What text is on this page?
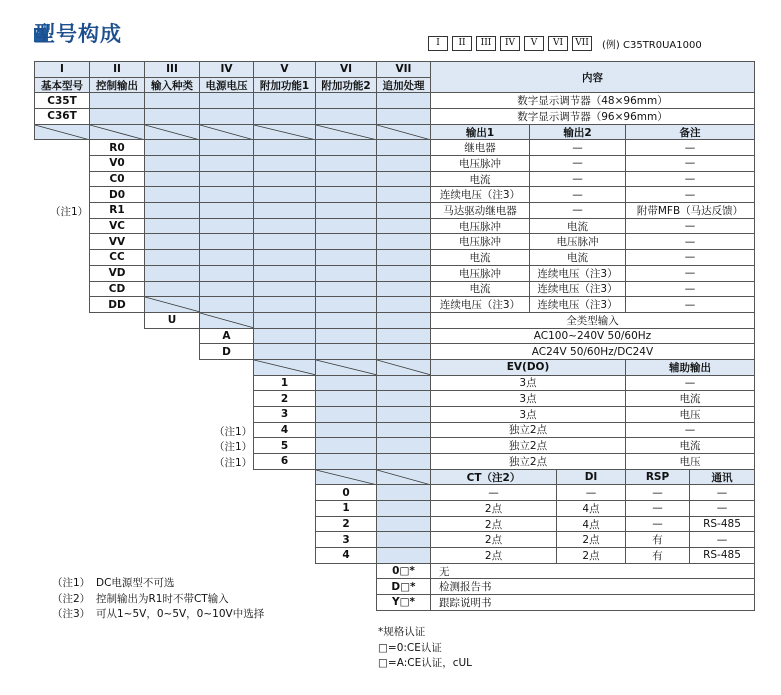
型号构成	I	II	III	IV	V	VI	VII	(例) C35TR0UA1000
I	II	III	IV	V	VI	VII
基本型号	控制输出	输入种类	电源电压	附加功能1	附加功能2	追加处理
内容
C35T	数字显示调节器（48×96mm）
C36T	数字显示调节器（96×96mm）
输出1	输出2	备注
R0	继电器	—	—
V0	电压脉冲	—	—
C0	电流	—	—
D0	连续电压（注3）	—	—
R1	马达驱动继电器	—	附带MFB（马达反馈）
VC	电压脉冲	电流	—
VV	电压脉冲	电压脉冲	—
CC	电流	电流	—
VD	电压脉冲	连续电压（注3）	—
CD	电流	连续电压（注3）	—
DD	连续电压（注3）	连续电压（注3）	—
（注1）
U	全类型输入
A	AC100~240V 50/60Hz
D	AC24V 50/60Hz/DC24V
EV(DO)	辅助输出
1	3点	—
2	3点	电流
3	3点	电压
（注1）	4	独立2点	—
（注1）	5	独立2点	电流
（注1）	6	独立2点	电压
CT（注2）	DI	RSP	通讯
0	—	—	—	—
1	2点	4点	—	—
2	2点	4点	—	RS-485
3	2点	2点	有	—
4	2点	2点	有	RS-485
0□*	无
D□*	检测报告书
Y□*	跟踪说明书
（注1） DC电源型不可选
（注2） 控制输出为R1时不带CT输入
（注3） 可从1~5V，0~5V，0~10V中选择
*规格认证
□=0:CE认证
□=A:CE认证，cUL
